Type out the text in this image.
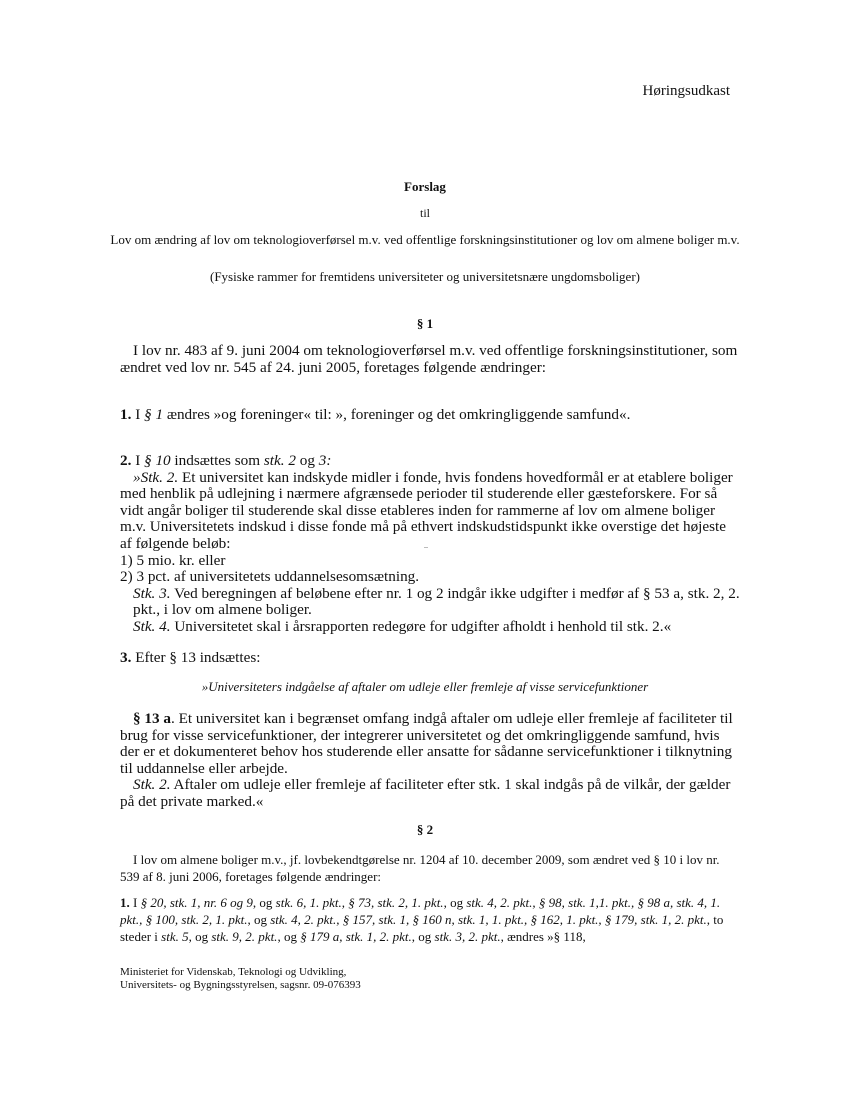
Høringsudkast
Forslag
til
Lov om ændring af lov om teknologioverførsel m.v. ved offentlige forskningsinstitutioner og lov om almene boliger m.v.
(Fysiske rammer for fremtidens universiteter og universitetsnære ungdomsboliger)
§ 1
I lov nr. 483 af 9. juni 2004 om teknologioverførsel m.v. ved offentlige forskningsinstitutioner, som ændret ved lov nr. 545 af 24. juni 2005, foretages følgende ændringer:
1. I § 1 ændres »og foreninger« til: », foreninger og det omkringliggende samfund«.
2. I § 10 indsættes som stk. 2 og 3:
»Stk. 2. Et universitet kan indskyde midler i fonde, hvis fondens hovedformål er at etablere boliger med henblik på udlejning i nærmere afgrænsede perioder til studerende eller gæsteforskere. For så vidt angår boliger til studerende skal disse etableres inden for rammerne af lov om almene boliger m.v. Universitetets indskud i disse fonde må på ethvert indskudstidspunkt ikke overstige det højeste af følgende beløb:
1) 5 mio. kr. eller
2) 3 pct. af universitetets uddannelsesomsætning.
Stk. 3. Ved beregningen af beløbene efter nr. 1 og 2 indgår ikke udgifter i medfør af § 53 a, stk. 2, 2. pkt., i lov om almene boliger.
Stk. 4. Universitetet skal i årsrapporten redegøre for udgifter afholdt i henhold til stk. 2.«
3. Efter § 13 indsættes:
»Universiteters indgåelse af aftaler om udleje eller fremleje af visse servicefunktioner
§ 13 a. Et universitet kan i begrænset omfang indgå aftaler om udleje eller fremleje af faciliteter til brug for visse servicefunktioner, der integrerer universitetet og det omkringliggende samfund, hvis der er et dokumenteret behov hos studerende eller ansatte for sådanne servicefunktioner i tilknytning til uddannelse eller arbejde.
Stk. 2. Aftaler om udleje eller fremleje af faciliteter efter stk. 1 skal indgås på de vilkår, der gælder på det private marked.«
§ 2
I lov om almene boliger m.v., jf. lovbekendtgørelse nr. 1204 af 10. december 2009, som ændret ved § 10 i lov nr. 539 af 8. juni 2006, foretages følgende ændringer:
1. I § 20, stk. 1, nr. 6 og 9, og stk. 6, 1. pkt., § 73, stk. 2, 1. pkt., og stk. 4, 2. pkt., § 98, stk. 1,1. pkt., § 98 a, stk. 4, 1. pkt., § 100, stk. 2, 1. pkt., og stk. 4, 2. pkt., § 157, stk. 1, § 160 n, stk. 1, 1. pkt., § 162, 1. pkt., § 179, stk. 1, 2. pkt., to steder i stk. 5, og stk. 9, 2. pkt., og § 179 a, stk. 1, 2. pkt., og stk. 3, 2. pkt., ændres »§ 118,
Ministeriet for Videnskab, Teknologi og Udvikling,
Universitets- og Bygningsstyrelsen, sagsnr. 09-076393
